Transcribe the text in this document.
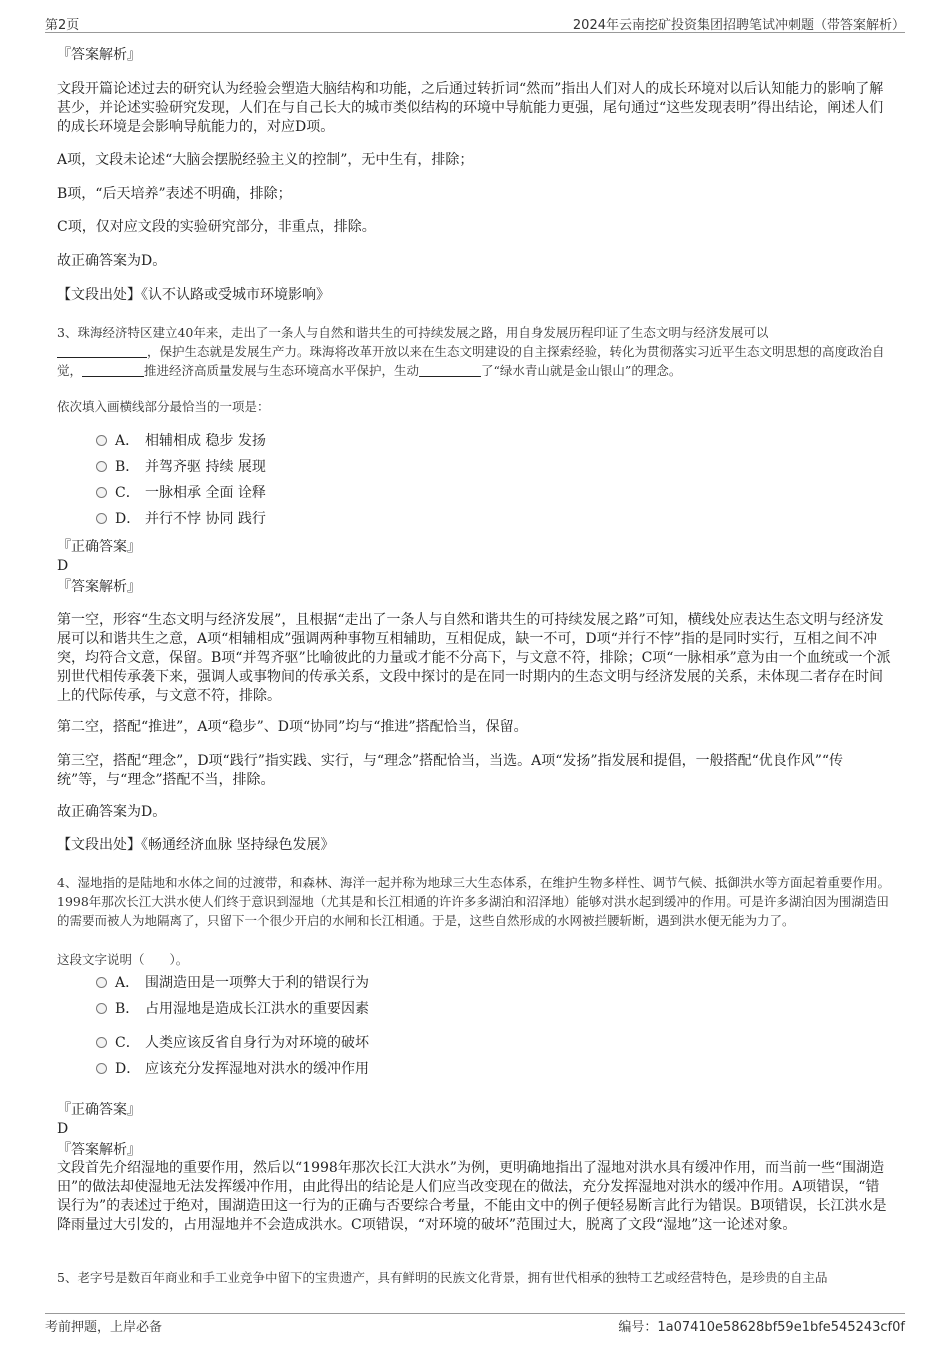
第2页	2024年云南挖矿投资集团招聘笔试冲刺题（带答案解析）
『答案解析』
文段开篇论述过去的研究认为经验会塑造大脑结构和功能，之后通过转折词“然而”指出人们对人的成长环境对以后认知能力的影响了解甚少，并论述实验研究发现，人们在与自己长大的城市类似结构的环境中导航能力更强，尾句通过“这些发现表明”得出结论，阐述人们的成长环境是会影响导航能力的，对应D项。
A项，文段未论述“大脑会摆脱经验主义的控制”，无中生有，排除；
B项，“后天培养”表述不明确，排除；
C项，仅对应文段的实验研究部分，非重点，排除。
故正确答案为D。
【文段出处】《认不认路或受城市环境影响》
3、珠海经济特区建立40年来，走出了一条人与自然和谐共生的可持续发展之路，用自身发展历程印证了生态文明与经济发展可以
，保护生态就是发展生产力。珠海将改革开放以来在生态文明建设的自主探索经验，转化为贯彻落实习近平生态文明思想的高度政治自觉，	推进经济高质量发展与生态环境高水平保护，生动	了“绿水青山就是金山银山”的理念。
依次填入画横线部分最恰当的一项是：
A． 相辅相成 稳步 发扬
B． 并驾齐驱 持续 展现
C． 一脉相承 全面 诠释
D． 并行不悖 协同 践行
『正确答案』
D
『答案解析』
第一空，形容“生态文明与经济发展”，且根据“走出了一条人与自然和谐共生的可持续发展之路”可知，横线处应表达生态文明与经济发展可以和谐共生之意，A项“相辅相成”强调两种事物互相辅助，互相促成，缺一不可，D项“并行不悖”指的是同时实行，互相之间不冲突，均符合文意，保留。B项“并驾齐驱”比喻彼此的力量或才能不分高下，与文意不符，排除；C项“一脉相承”意为由一个血统或一个派别世代相传承袭下来，强调人或事物间的传承关系，文段中探讨的是在同一时期内的生态文明与经济发展的关系，未体现二者存在时间上的代际传承，与文意不符，排除。
第二空，搭配“推进”，A项“稳步”、D项“协同”均与“推进”搭配恰当，保留。
第三空，搭配“理念”，D项“践行”指实践、实行，与“理念”搭配恰当，当选。A项“发扬”指发展和提倡，一般搭配“优良作风”“传统”等，与“理念”搭配不当，排除。
故正确答案为D。
【文段出处】《畅通经济血脉 坚持绿色发展》
4、湿地指的是陆地和水体之间的过渡带，和森林、海洋一起并称为地球三大生态体系，在维护生物多样性、调节气候、抵御洪水等方面起着重要作用。1998年那次长江大洪水使人们终于意识到湿地（尤其是和长江相通的许许多多湖泊和沼泽地）能够对洪水起到缓冲的作用。可是许多湖泊因为围湖造田的需要而被人为地隔离了，只留下一个很少开启的水闸和长江相通。于是，这些自然形成的水网被拦腰斩断，遇到洪水便无能为力了。
这段文字说明（　　）。
A． 围湖造田是一项弊大于利的错误行为
B． 占用湿地是造成长江洪水的重要因素
C． 人类应该反省自身行为对环境的破坏
D． 应该充分发挥湿地对洪水的缓冲作用
『正确答案』
D
『答案解析』
文段首先介绍湿地的重要作用，然后以“1998年那次长江大洪水”为例，更明确地指出了湿地对洪水具有缓冲作用，而当前一些“围湖造田”的做法却使湿地无法发挥缓冲作用，由此得出的结论是人们应当改变现在的做法，充分发挥湿地对洪水的缓冲作用。A项错误，“错误行为”的表述过于绝对，围湖造田这一行为的正确与否要综合考量，不能由文中的例子便轻易断言此行为错误。B项错误，长江洪水是降雨量过大引发的，占用湿地并不会造成洪水。C项错误，“对环境的破坏”范围过大，脱离了文段“湿地”这一论述对象。
5、老字号是数百年商业和手工业竞争中留下的宝贵遗产，具有鲜明的民族文化背景，拥有世代相承的独特工艺或经营特色，是珍贵的自主品
考前押题，上岸必备	编号：1a07410e58628bf59e1bfe545243cf0f
